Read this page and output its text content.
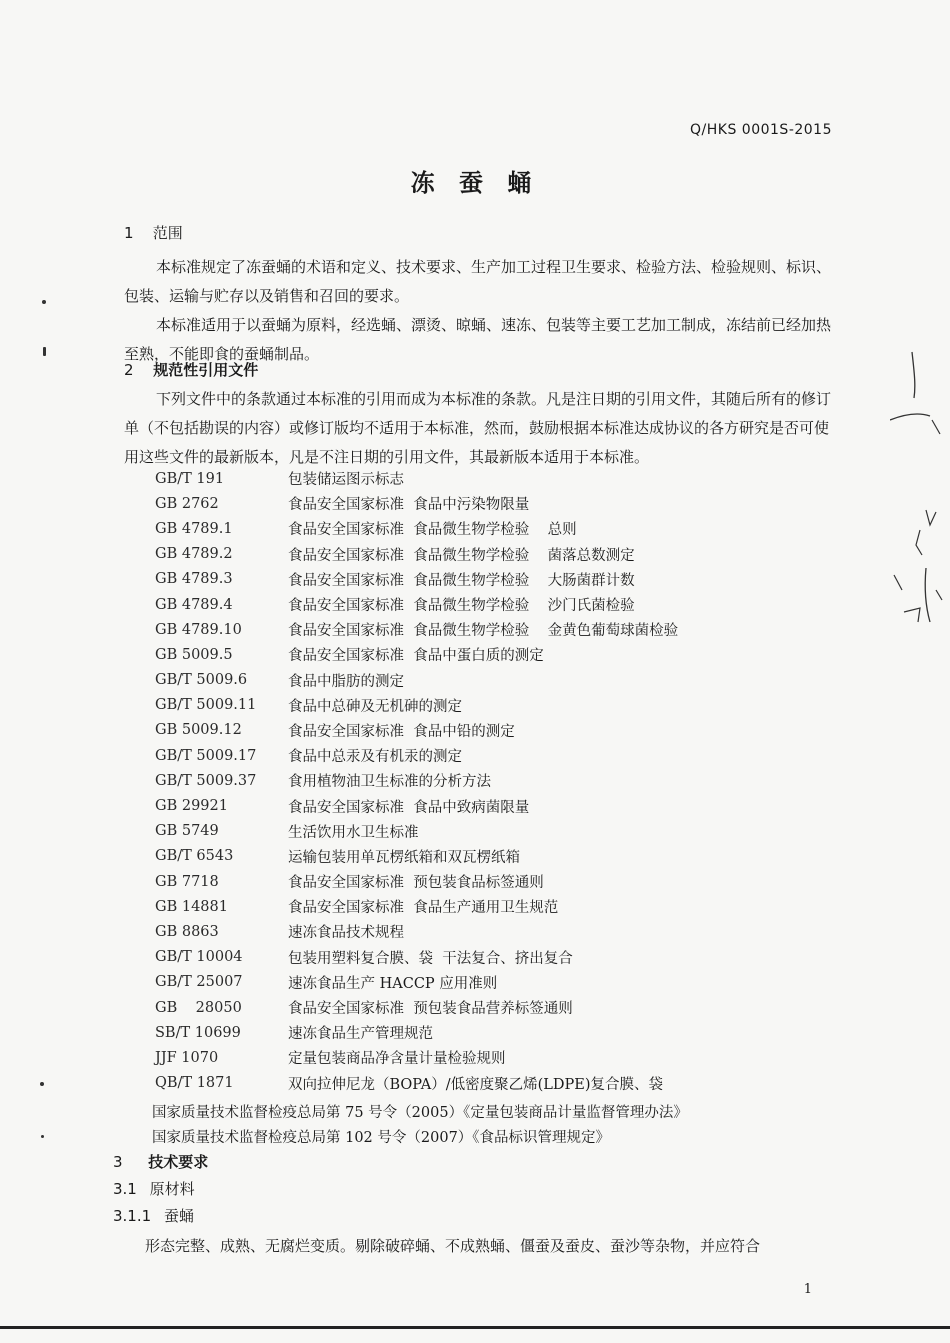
Q/HKS 0001S-2015
冻 蚕 蛹
1 范围

本标准规定了冻蚕蛹的术语和定义、技术要求、生产加工过程卫生要求、检验方法、检验规则、标识、包装、运输与贮存以及销售和召回的要求。

本标准适用于以蚕蛹为原料，经选蛹、漂烫、晾蛹、速冻、包装等主要工艺加工制成，冻结前已经加热至熟，不能即食的蚕蛹制品。

2 规范性引用文件

下列文件中的条款通过本标准的引用而成为本标准的条款。凡是注日期的引用文件，其随后所有的修订单（不包括勘误的内容）或修订版均不适用于本标准，然而，鼓励根据本标准达成协议的各方研究是否可使用这些文件的最新版本，凡是不注日期的引用文件，其最新版本适用于本标准。

GB/T 191	包装储运图示标志
GB 2762	食品安全国家标准  食品中污染物限量
GB 4789.1	食品安全国家标准  食品微生物学检验    总则
GB 4789.2	食品安全国家标准  食品微生物学检验    菌落总数测定
GB 4789.3	食品安全国家标准  食品微生物学检验    大肠菌群计数
GB 4789.4	食品安全国家标准  食品微生物学检验    沙门氏菌检验
GB 4789.10	食品安全国家标准  食品微生物学检验    金黄色葡萄球菌检验
GB 5009.5	食品安全国家标准  食品中蛋白质的测定
GB/T 5009.6	食品中脂肪的测定
GB/T 5009.11	食品中总砷及无机砷的测定
GB 5009.12	食品安全国家标准  食品中铅的测定
GB/T 5009.17	食品中总汞及有机汞的测定
GB/T 5009.37	食用植物油卫生标准的分析方法
GB 29921	食品安全国家标准  食品中致病菌限量
GB 5749	生活饮用水卫生标准
GB/T 6543	运输包装用单瓦楞纸箱和双瓦楞纸箱
GB 7718	食品安全国家标准  预包装食品标签通则
GB 14881	食品安全国家标准  食品生产通用卫生规范
GB 8863	速冻食品技术规程
GB/T 10004	包装用塑料复合膜、袋  干法复合、挤出复合
GB/T 25007	速冻食品生产 HACCP 应用准则
GB    28050	食品安全国家标准  预包装食品营养标签通则
SB/T 10699	速冻食品生产管理规范
JJF 1070	定量包装商品净含量计量检验规则
QB/T 1871	双向拉伸尼龙（BOPA）/低密度聚乙烯(LDPE)复合膜、袋
国家质量技术监督检疫总局第 75 号令（2005）《定量包装商品计量监督管理办法》
国家质量技术监督检疫总局第 102 号令（2007）《食品标识管理规定》
3 技术要求
3.1 原材料
3.1.1 蚕蛹

形态完整、成熟、无腐烂变质。剔除破碎蛹、不成熟蛹、僵蚕及蚕皮、蚕沙等杂物，并应符合

1
